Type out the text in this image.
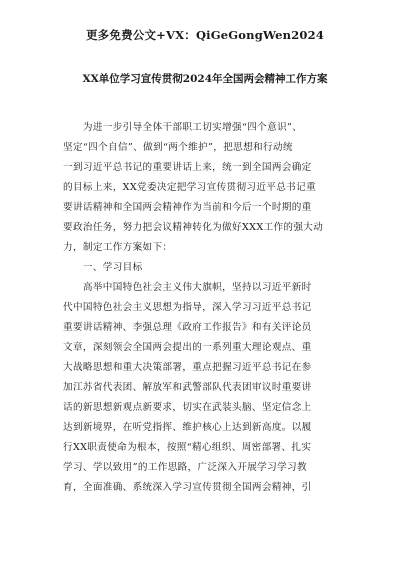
更多免费公文+VX：QiGeGongWen2024
XX单位学习宣传贯彻2024年全国两会精神工作方案
　　为进一步引导全体干部职工切实增强“四个意识”、
坚定“四个自信”、做到“两个维护”，把思想和行动统
一到习近平总书记的重要讲话上来，统一到全国两会确定
的目标上来，XX党委决定把学习宣传贯彻习近平总书记重
要讲话精神和全国两会精神作为当前和今后一个时期的重
要政治任务，努力把会议精神转化为做好XXX工作的强大动
力，制定工作方案如下：
　　一、学习目标
　　高举中国特色社会主义伟大旗帜，坚持以习近平新时
代中国特色社会主义思想为指导，深入学习习近平总书记
重要讲话精神、李强总理《政府工作报告》和有关评论员
文章，深刻领会全国两会提出的一系列重大理论观点、重
大战略思想和重大决策部署，重点把握习近平总书记在参
加江苏省代表团、解放军和武警部队代表团审议时重要讲
话的新思想新观点新要求，切实在武装头脑、坚定信念上
达到新境界，在听党指挥、维护核心上达到新高度。以履
行XX职责使命为根本，按照“精心组织、周密部署、扎实
学习、学以致用”的工作思路，广泛深入开展学习学习教
育，全面准确、系统深入学习宣传贯彻全国两会精神，引
